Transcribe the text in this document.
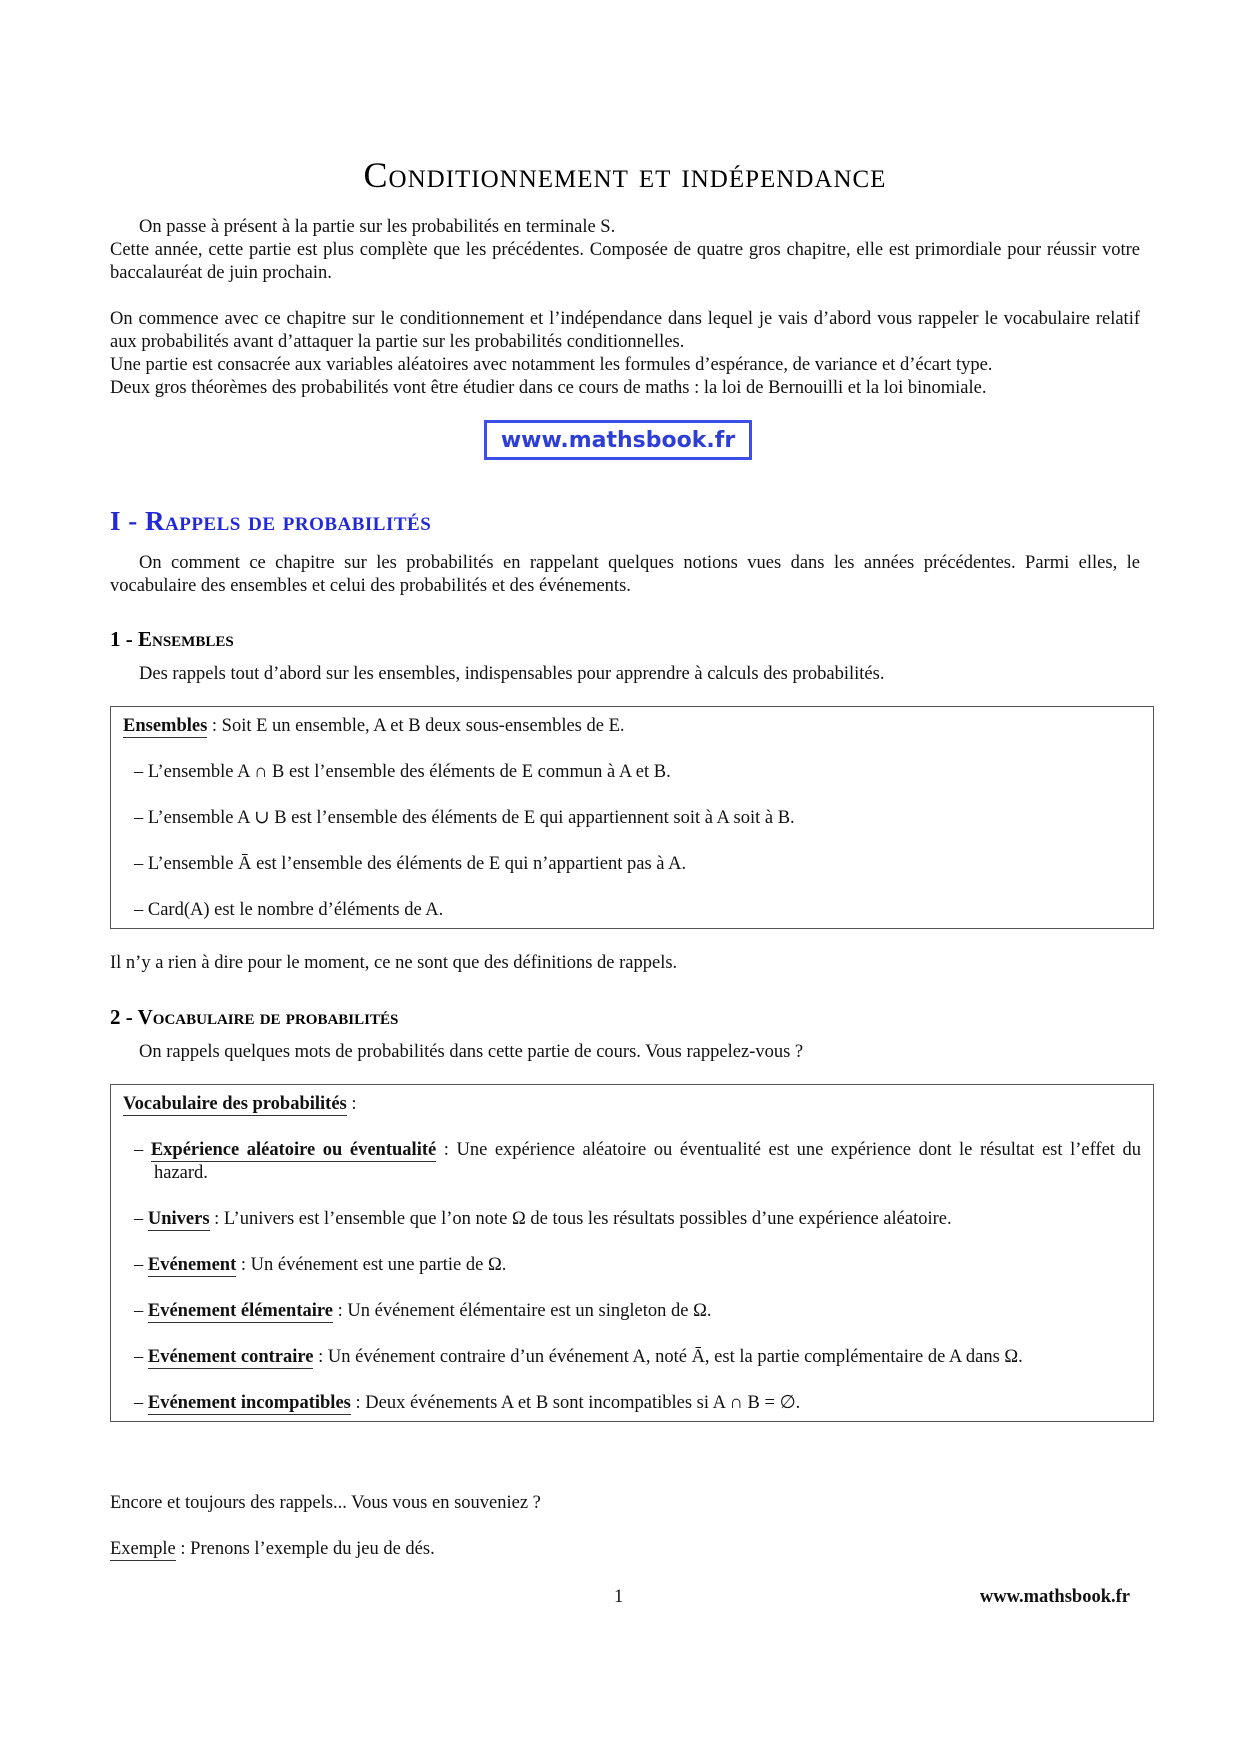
Conditionnement et indépendance

On passe à présent à la partie sur les probabilités en terminale S.

Cette année, cette partie est plus complète que les précédentes. Composée de quatre gros chapitre, elle est primordiale pour réussir votre baccalauréat de juin prochain.

On commence avec ce chapitre sur le conditionnement et l’indépendance dans lequel je vais d’abord vous rappeler le vocabulaire relatif aux probabilités avant d’attaquer la partie sur les probabilités conditionnelles.

Une partie est consacrée aux variables aléatoires avec notamment les formules d’espérance, de variance et d’écart type.

Deux gros théorèmes des probabilités vont être étudier dans ce cours de maths : la loi de Bernouilli et la loi binomiale.

www.mathsbook.fr
I - Rappels de probabilités

On comment ce chapitre sur les probabilités en rappelant quelques notions vues dans les années précédentes. Parmi elles, le vocabulaire des ensembles et celui des probabilités et des événements.

1 - Ensembles

Des rappels tout d’abord sur les ensembles, indispensables pour apprendre à calculs des probabilités.

Ensembles : Soit E un ensemble, A et B deux sous-ensembles de E.

– L’ensemble A ∩ B est l’ensemble des éléments de E commun à A et B.

– L’ensemble A ∪ B est l’ensemble des éléments de E qui appartiennent soit à A soit à B.

– L’ensemble Ā est l’ensemble des éléments de E qui n’appartient pas à A.

– Card(A) est le nombre d’éléments de A.

Il n’y a rien à dire pour le moment, ce ne sont que des définitions de rappels.

2 - Vocabulaire de probabilités

On rappels quelques mots de probabilités dans cette partie de cours. Vous rappelez-vous ?

Vocabulaire des probabilités :

– Expérience aléatoire ou éventualité : Une expérience aléatoire ou éventualité est une expérience dont le résultat est l’effet du hazard.

– Univers : L’univers est l’ensemble que l’on note Ω de tous les résultats possibles d’une expérience aléatoire.

– Evénement : Un événement est une partie de Ω.

– Evénement élémentaire : Un événement élémentaire est un singleton de Ω.

– Evénement contraire : Un événement contraire d’un événement A, noté Ā, est la partie complémentaire de A dans Ω.

– Evénement incompatibles : Deux événements A et B sont incompatibles si A ∩ B = ∅.

Encore et toujours des rappels... Vous vous en souveniez ?

Exemple : Prenons l’exemple du jeu de dés.

1	www.mathsbook.fr
